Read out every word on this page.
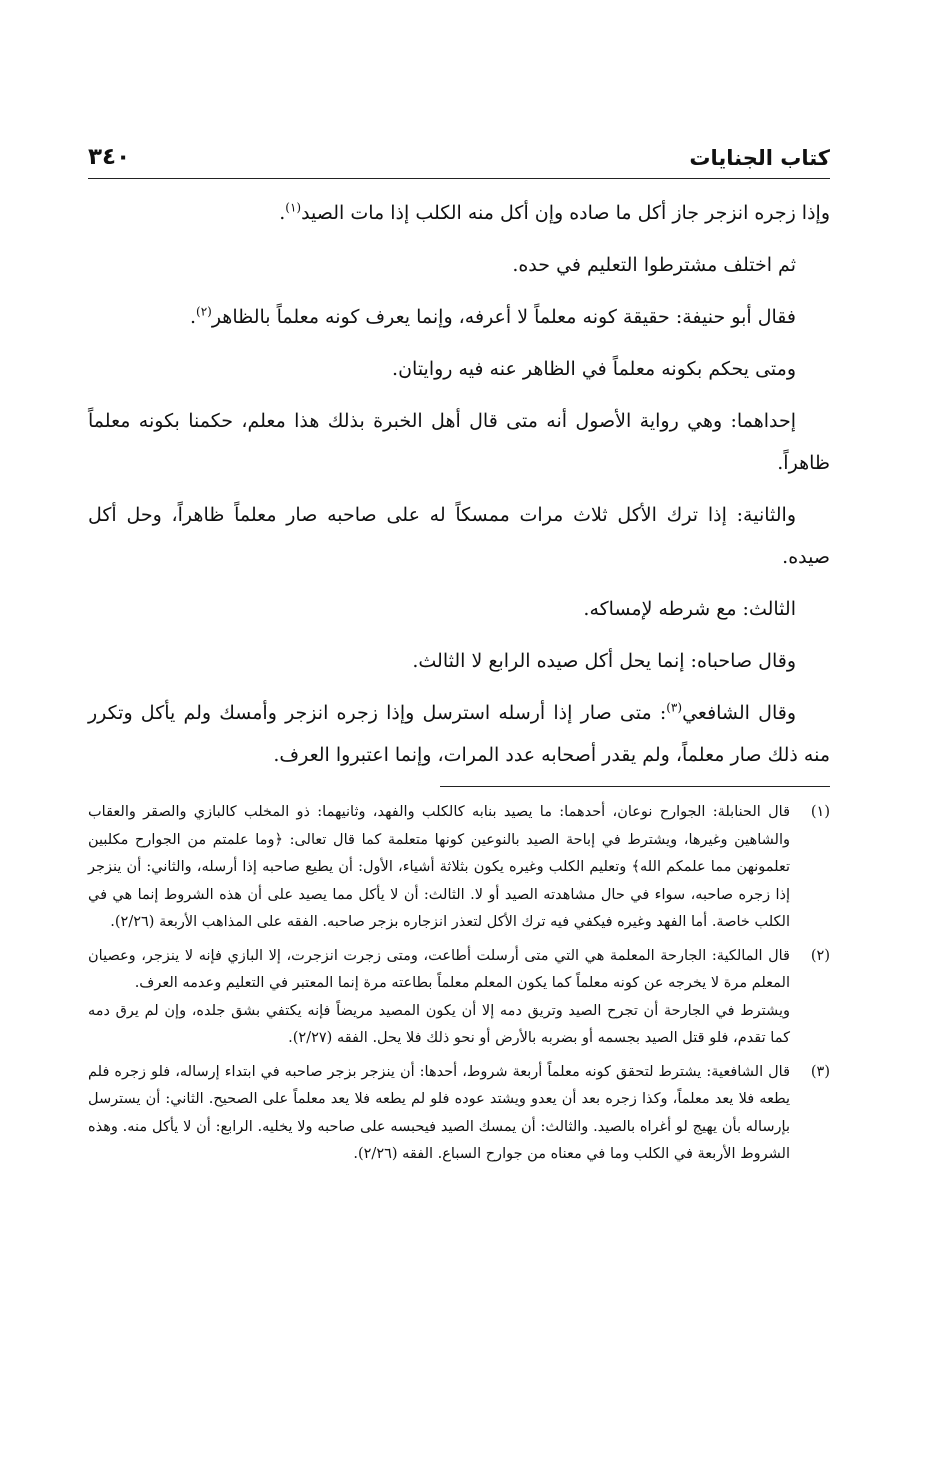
كتاب الجنايات
٣٤٠

وإذا زجره انزجر جاز أكل ما صاده وإن أكل منه الكلب إذا مات الصيد$^{(١)}$.

ثم اختلف مشترطوا التعليم في حده.

فقال أبو حنيفة: حقيقة كونه معلماً لا أعرفه، وإنما يعرف كونه معلماً بالظاهر$^{(٢)}$.

ومتى يحكم بكونه معلماً في الظاهر عنه فيه روايتان.

إحداهما: وهي رواية الأصول أنه متى قال أهل الخبرة بذلك هذا معلم، حكمنا بكونه معلماً ظاهراً.

والثانية: إذا ترك الأكل ثلاث مرات ممسكاً له على صاحبه صار معلماً ظاهراً، وحل أكل صيده.

الثالث: مع شرطه لإمساكه.

وقال صاحباه: إنما يحل أكل صيده الرابع لا الثالث.

وقال الشافعي$^{(٣)}$: متى صار إذا أرسله استرسل وإذا زجره انزجر وأمسك ولم يأكل وتكرر منه ذلك صار معلماً، ولم يقدر أصحابه عدد المرات، وإنما اعتبروا العرف.

(١)

قال الحنابلة: الجوارح نوعان، أحدهما: ما يصيد بنابه كالكلب والفهد، وثانيهما: ذو المخلب كالبازي والصقر والعقاب والشاهين وغيرها، ويشترط في إباحة الصيد بالنوعين كونها متعلمة كما قال تعالى: ﴿وما علمتم من الجوارح مكلبين تعلمونهن مما علمكم الله﴾ وتعليم الكلب وغيره يكون بثلاثة أشياء، الأول: أن يطيع صاحبه إذا أرسله، والثاني: أن ينزجر إذا زجره صاحبه، سواء في حال مشاهدته الصيد أو لا. الثالث: أن لا يأكل مما يصيد على أن هذه الشروط إنما هي في الكلب خاصة. أما الفهد وغيره فيكفي فيه ترك الأكل لتعذر انزجاره بزجر صاحبه. الفقه على المذاهب الأربعة (٢/٢٦).

(٢)

قال المالكية: الجارحة المعلمة هي التي متى أرسلت أطاعت، ومتى زجرت انزجرت، إلا البازي فإنه لا ينزجر، وعصيان المعلم مرة لا يخرجه عن كونه معلماً كما يكون المعلم معلماً بطاعته مرة إنما المعتبر في التعليم وعدمه العرف.

ويشترط في الجارحة أن تجرح الصيد وتريق دمه إلا أن يكون المصيد مريضاً فإنه يكتفي بشق جلده، وإن لم يرق دمه كما تقدم، فلو قتل الصيد بجسمه أو بضربه بالأرض أو نحو ذلك فلا يحل. الفقه (٢/٢٧).

(٣)

قال الشافعية: يشترط لتحقق كونه معلماً أربعة شروط، أحدها: أن ينزجر بزجر صاحبه في ابتداء إرساله، فلو زجره فلم يطعه فلا يعد معلماً، وكذا زجره بعد أن يعدو ويشتد عوده فلو لم يطعه فلا يعد معلماً على الصحيح. الثاني: أن يسترسل بإرساله بأن يهيج لو أغراه بالصيد. والثالث: أن يمسك الصيد فيحبسه على صاحبه ولا يخليه. الرابع: أن لا يأكل منه. وهذه الشروط الأربعة في الكلب وما في معناه من جوارح السباع. الفقه (٢/٢٦).
